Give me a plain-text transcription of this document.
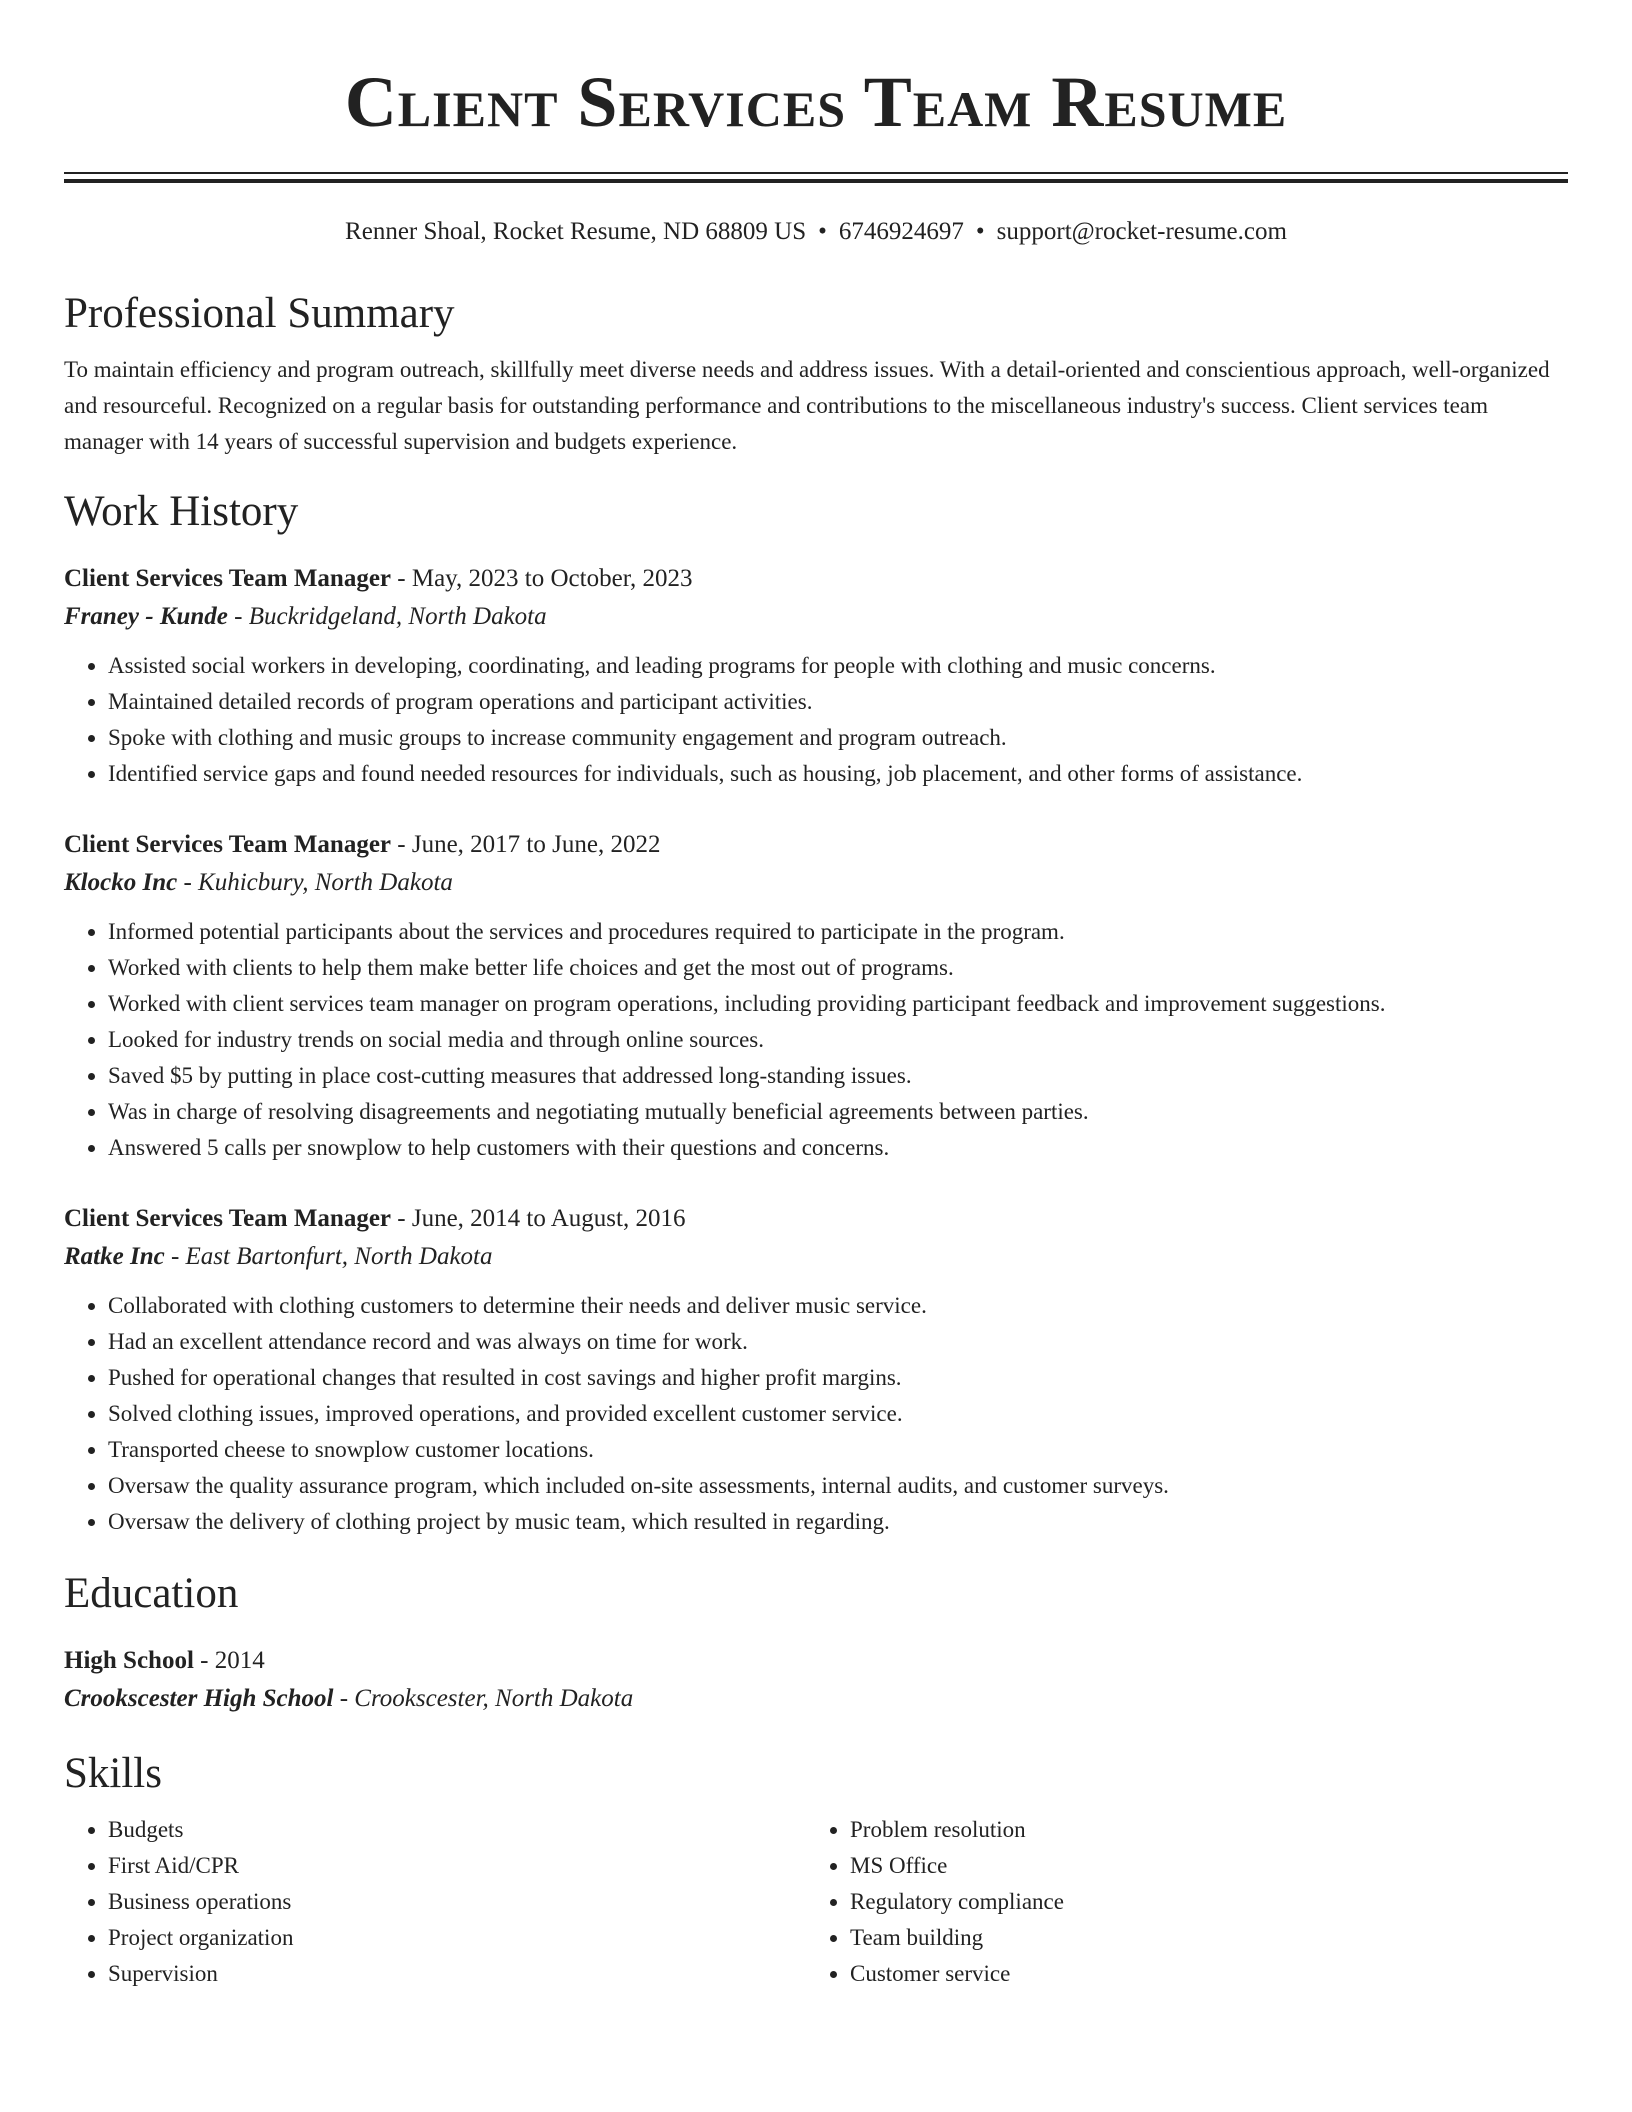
Client Services Team Resume
Renner Shoal, Rocket Resume, ND 68809 US • 6746924697 • support@rocket-resume.com
Professional Summary
To maintain efficiency and program outreach, skillfully meet diverse needs and address issues. With a detail-oriented and conscientious approach, well-organized and resourceful. Recognized on a regular basis for outstanding performance and contributions to the miscellaneous industry's success. Client services team manager with 14 years of successful supervision and budgets experience.
Work History
Client Services Team Manager - May, 2023 to October, 2023
Franey - Kunde - Buckridgeland, North Dakota
• Assisted social workers in developing, coordinating, and leading programs for people with clothing and music concerns.
• Maintained detailed records of program operations and participant activities.
• Spoke with clothing and music groups to increase community engagement and program outreach.
• Identified service gaps and found needed resources for individuals, such as housing, job placement, and other forms of assistance.
Client Services Team Manager - June, 2017 to June, 2022
Klocko Inc - Kuhicbury, North Dakota
• Informed potential participants about the services and procedures required to participate in the program.
• Worked with clients to help them make better life choices and get the most out of programs.
• Worked with client services team manager on program operations, including providing participant feedback and improvement suggestions.
• Looked for industry trends on social media and through online sources.
• Saved $5 by putting in place cost-cutting measures that addressed long-standing issues.
• Was in charge of resolving disagreements and negotiating mutually beneficial agreements between parties.
• Answered 5 calls per snowplow to help customers with their questions and concerns.
Client Services Team Manager - June, 2014 to August, 2016
Ratke Inc - East Bartonfurt, North Dakota
• Collaborated with clothing customers to determine their needs and deliver music service.
• Had an excellent attendance record and was always on time for work.
• Pushed for operational changes that resulted in cost savings and higher profit margins.
• Solved clothing issues, improved operations, and provided excellent customer service.
• Transported cheese to snowplow customer locations.
• Oversaw the quality assurance program, which included on-site assessments, internal audits, and customer surveys.
• Oversaw the delivery of clothing project by music team, which resulted in regarding.
Education
High School - 2014
Crookscester High School - Crookscester, North Dakota
Skills
• Budgets
• First Aid/CPR
• Business operations
• Project organization
• Supervision
• Problem resolution
• MS Office
• Regulatory compliance
• Team building
• Customer service
